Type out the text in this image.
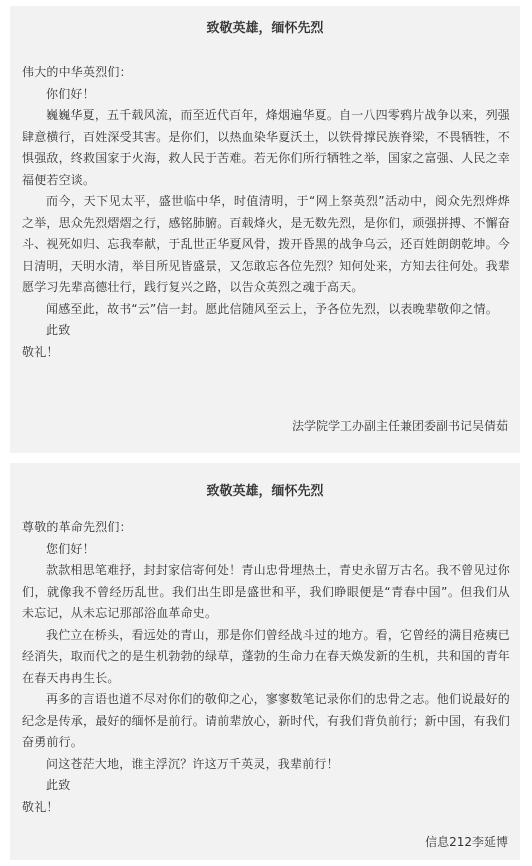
致敬英雄，缅怀先烈

伟大的中华英烈们：

你们好！

巍巍华夏，五千载风流，而至近代百年，烽烟遍华夏。自一八四零鸦片战争以来，列强肆意横行，百姓深受其害。是你们，以热血染华夏沃土，以铁骨撑民族脊梁，不畏牺牲，不惧强敌，终救国家于火海，救人民于苦难。若无你们所行牺牲之举，国家之富强、人民之幸福便若空谈。

而今，天下见太平，盛世临中华，时值清明，于“网上祭英烈”活动中，阅众先烈烨烨之举，思众先烈熠熠之行，感铭肺腑。百载烽火，是无数先烈，是你们，顽强拼搏、不懈奋斗、视死如归、忘我奉献，于乱世正华夏风骨，拨开昏黑的战争乌云，还百姓朗朗乾坤。今日清明，天明水清，举目所见皆盛景，又怎敢忘各位先烈？知何处来，方知去往何处。我辈愿学习先辈高德壮行，践行复兴之路，以告众英烈之魂于高天。

闻感至此，故书“云”信一封。愿此信随风至云上，予各位先烈，以表晚辈敬仰之情。

此致

敬礼！

法学院学工办副主任兼团委副书记吴倩茹
致敬英雄，缅怀先烈

尊敬的革命先烈们：

您们好！

款款相思笔难抒，封封家信寄何处！青山忠骨埋热土，青史永留万古名。我不曾见过你们，就像我不曾经历乱世。我们出生即是盛世和平，我们睁眼便是“青春中国”。但我们从未忘记，从未忘记那部浴血革命史。

我伫立在桥头，看远处的青山，那是你们曾经战斗过的地方。看，它曾经的满目疮痍已经消失，取而代之的是生机勃勃的绿草，蓬勃的生命力在春天焕发新的生机，共和国的青年在春天冉冉生长。

再多的言语也道不尽对你们的敬仰之心，寥寥数笔记录你们的忠骨之志。他们说最好的纪念是传承，最好的缅怀是前行。请前辈放心，新时代，有我们背负前行；新中国，有我们奋勇前行。

问这苍茫大地，谁主浮沉？许这万千英灵，我辈前行！

此致

敬礼！

信息212李延博
